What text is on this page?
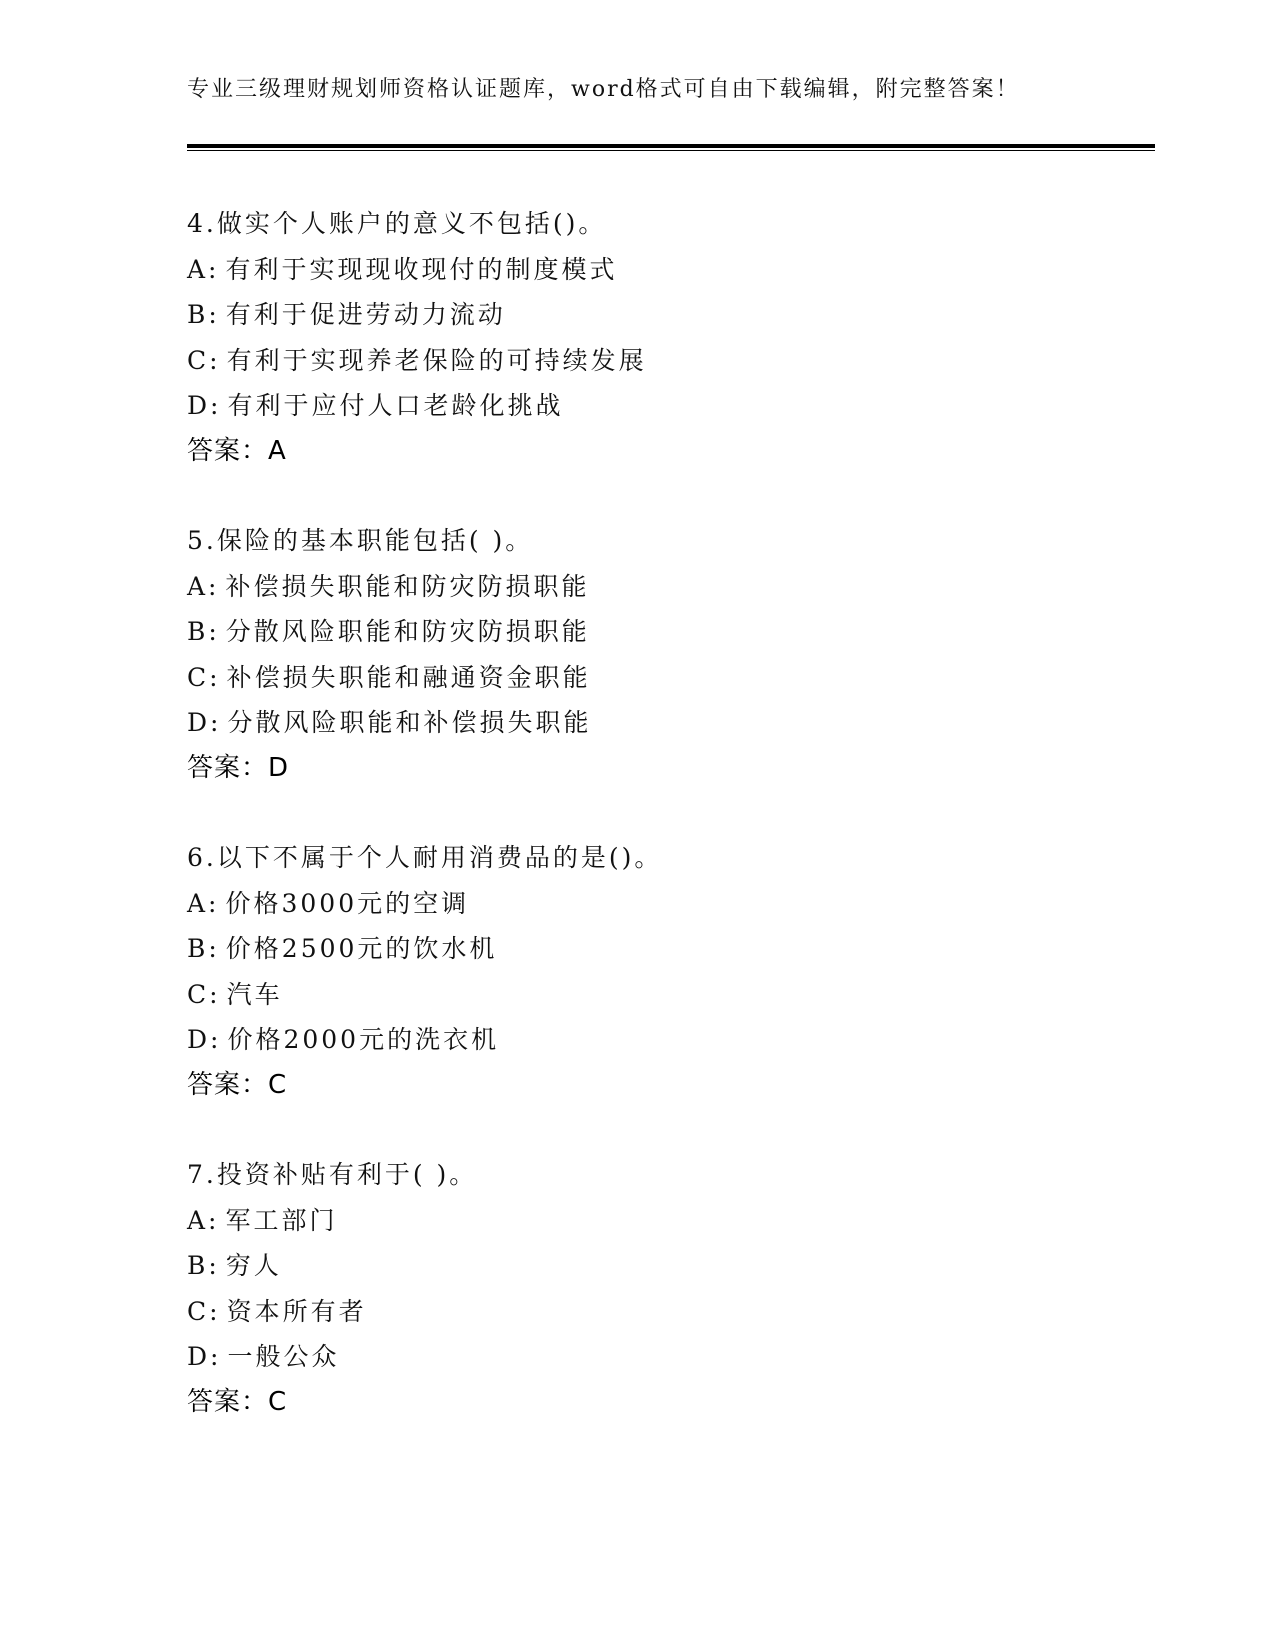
专业三级理财规划师资格认证题库，word格式可自由下载编辑，附完整答案！
4.做实个人账户的意义不包括()。
A: 有利于实现现收现付的制度模式
B: 有利于促进劳动力流动
C: 有利于实现养老保险的可持续发展
D: 有利于应付人口老龄化挑战
答案：A
5.保险的基本职能包括( )。
A: 补偿损失职能和防灾防损职能
B: 分散风险职能和防灾防损职能
C: 补偿损失职能和融通资金职能
D: 分散风险职能和补偿损失职能
答案：D
6.以下不属于个人耐用消费品的是()。
A: 价格3000元的空调
B: 价格2500元的饮水机
C: 汽车
D: 价格2000元的洗衣机
答案：C
7.投资补贴有利于( )。
A: 军工部门
B: 穷人
C: 资本所有者
D: 一般公众
答案：C
